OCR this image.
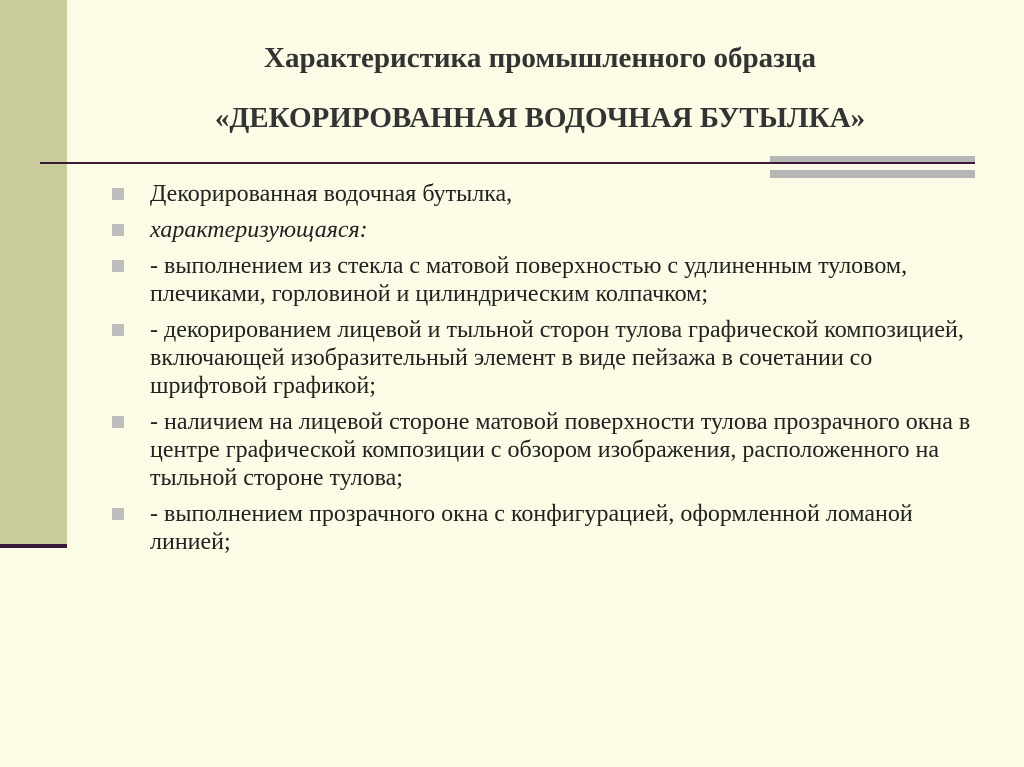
Характеристика промышленного образца

«ДЕКОРИРОВАННАЯ ВОДОЧНАЯ БУТЫЛКА»

Декорированная водочная бутылка,
характеризующаяся:
- выполнением из стекла с матовой поверхностью с удлиненным туловом, плечиками, горловиной и цилиндрическим колпачком;
- декорированием лицевой и тыльной сторон тулова графической композицией, включающей изобразительный элемент в виде пейзажа в сочетании со шрифтовой графикой;
- наличием на лицевой стороне матовой поверхности тулова прозрачного окна в центре графической композиции с обзором изображения, расположенного на тыльной стороне тулова;
- выполнением прозрачного окна с конфигурацией, оформленной ломаной линией;
